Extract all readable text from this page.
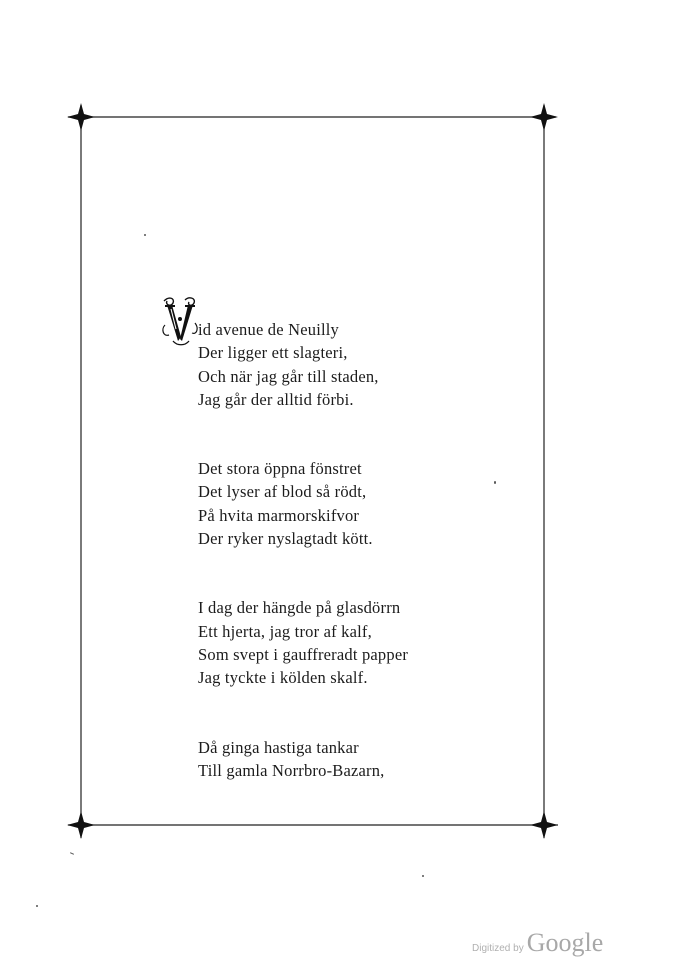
V
id avenue de Neuilly
Der ligger ett slagteri,
Och när jag går till staden,
Jag går der alltid förbi.
Det stora öppna fönstret
Det lyser af blod så rödt,
På hvita marmorskifvor
Der ryker nyslagtadt kött.
I dag der hängde på glasdörrn
Ett hjerta, jag tror af kalf,
Som svept i gauffreradt papper
Jag tyckte i kölden skalf.
Då ginga hastiga tankar
Till gamla Norrbro-Bazarn,
Digitized by Google
